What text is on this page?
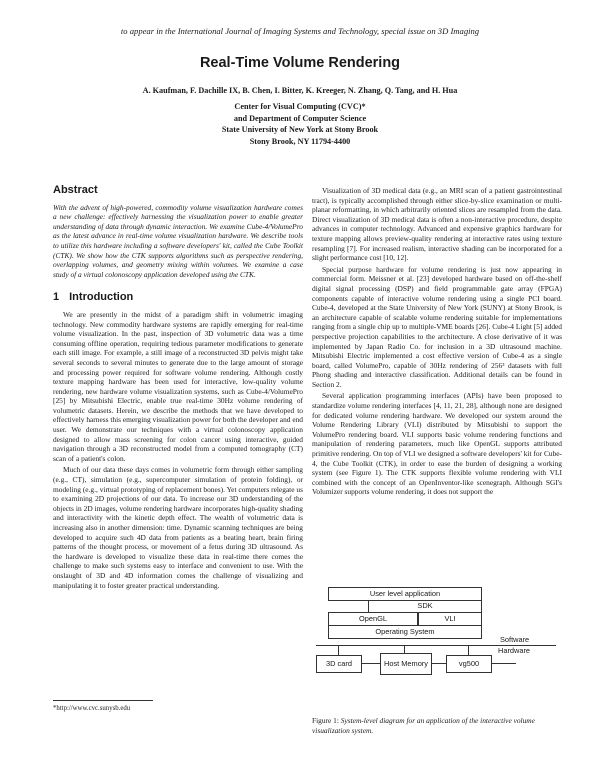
to appear in the International Journal of Imaging Systems and Technology, special issue on 3D Imaging
Real-Time Volume Rendering
A. Kaufman, F. Dachille IX, B. Chen, I. Bitter, K. Kreeger, N. Zhang, Q. Tang, and H. Hua
Center for Visual Computing (CVC)*
and Department of Computer Science
State University of New York at Stony Brook
Stony Brook, NY 11794-4400
Abstract

With the advent of high-powered, commodity volume visualization hardware comes a new challenge: effectively harnessing the visualization power to enable greater understanding of data through dynamic interaction. We examine Cube-4/VolumePro as the latest advance in real-time volume visualization hardware. We describe tools to utilize this hardware including a software developers' kit, called the Cube Toolkit (CTK). We show how the CTK supports algorithms such as perspective rendering, overlapping volumes, and geometry mixing within volumes. We examine a case study of a virtual colonoscopy application developed using the CTK.

1 Introduction

We are presently in the midst of a paradigm shift in volumetric imaging technology. New commodity hardware systems are rapidly emerging for real-time volume visualization. In the past, inspection of 3D volumetric data was a time consuming offline operation, requiring tedious parameter modifications to generate each still image. For example, a still image of a reconstructed 3D pelvis might take several seconds to several minutes to generate due to the large amount of storage and processing power required for software volume rendering. Although costly texture mapping hardware has been used for interactive, low-quality volume rendering, new hardware volume visualization systems, such as Cube-4/VolumePro [25] by Mitsubishi Electric, enable true real-time 30Hz volume rendering of volumetric datasets. Herein, we describe the methods that we have developed to effectively harness this emerging visualization power for both the developer and end user. We demonstrate our techniques with a virtual colonoscopy application designed to allow mass screening for colon cancer using interactive, guided navigation through a 3D reconstructed model from a computed tomography (CT) scan of a patient's colon.

Much of our data these days comes in volumetric form through either sampling (e.g., CT), simulation (e.g., supercomputer simulation of protein folding), or modeling (e.g., virtual prototyping of replacement bones). Yet computers relegate us to examining 2D projections of our data. To increase our 3D understanding of the objects in 2D images, volume rendering hardware incorporates high-quality shading and interactivity with the kinetic depth effect. The wealth of volumetric data is increasing also in another dimension: time. Dynamic scanning techniques are being developed to acquire such 4D data from patients as a beating heart, brain firing patterns of the thought process, or movement of a fetus during 3D ultrasound. As the hardware is developed to visualize these data in real-time there comes the challenge to make such systems easy to interface and convenient to use. With the onslaught of 3D and 4D information comes the challenge of visualizing and manipulating it to foster greater practical understanding.

*http://www.cvc.sunysb.edu

Visualization of 3D medical data (e.g., an MRI scan of a patient gastrointestinal tract), is typically accomplished through either slice-by-slice examination or multi-planar reformatting, in which arbitrarily oriented slices are resampled from the data. Direct visualization of 3D medical data is often a non-interactive procedure, despite advances in computer technology. Advanced and expensive graphics hardware for texture mapping allows preview-quality rendering at interactive rates using texture resampling [7]. For increased realism, interactive shading can be incorporated for a slight performance cost [10, 12].

Special purpose hardware for volume rendering is just now appearing in commercial form. Meissner et al. [23] developed hardware based on off-the-shelf digital signal processing (DSP) and field programmable gate array (FPGA) components capable of interactive volume rendering using a single PCI board. Cube-4, developed at the State University of New York (SUNY) at Stony Brook, is an architecture capable of scalable volume rendering suitable for implementations ranging from a single chip up to multiple-VME boards [26]. Cube-4 Light [5] added perspective projection capabilities to the architecture. A close derivative of it was implemented by Japan Radio Co. for inclusion in a 3D ultrasound machine. Mitsubishi Electric implemented a cost effective version of Cube-4 as a single board, called VolumePro, capable of 30Hz rendering of 256³ datasets with full Phong shading and interactive classification. Additional details can be found in Section 2.

Several application programming interfaces (APIs) have been proposed to standardize volume rendering interfaces [4, 11, 21, 28], although none are designed for dedicated volume rendering hardware. We developed our system around the Volume Rendering Library (VLI) distributed by Mitsubishi to support the VolumePro rendering board. VLI supports basic volume rendering functions and manipulation of rendering parameters, much like OpenGL supports attributed primitive rendering. On top of VLI we designed a software developers' kit for Cube-4, the Cube Toolkit (CTK), in order to ease the burden of designing a working system (see Figure 1). The CTK supports flexible volume rendering with VLI combined with the concept of an OpenInventor-like scenegraph. Although SGI's Volumizer supports volume rendering, it does not support the

User level application
SDK
OpenGL	VLI
Operating System
Software
Hardware
3D card	Host Memory	vg500
Figure 1: System-level diagram for an application of the interactive volume visualization system.
